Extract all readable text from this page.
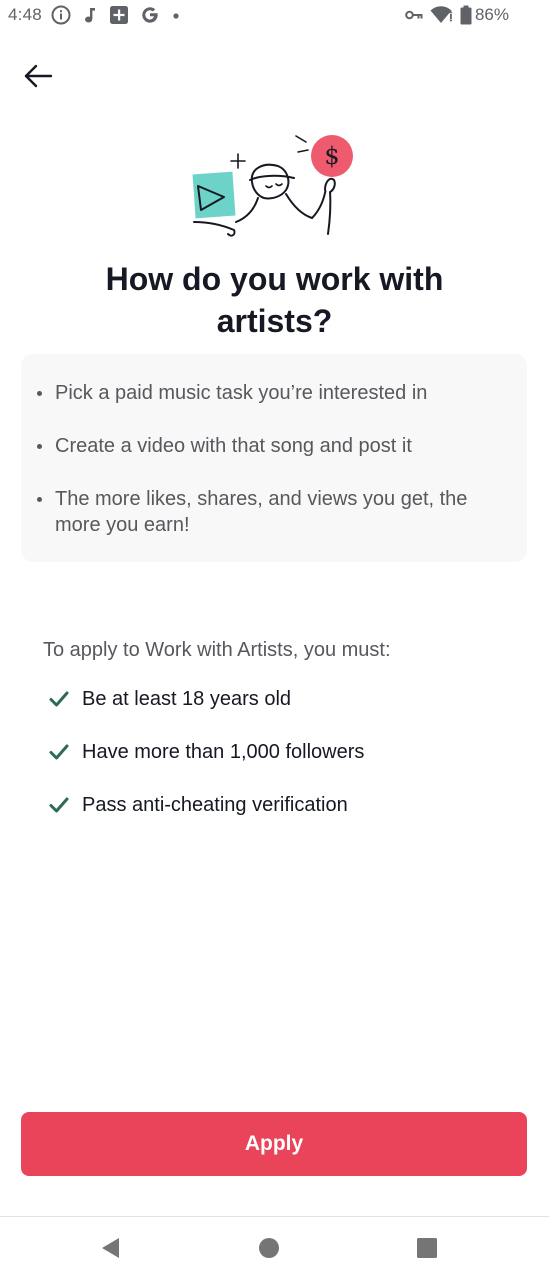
4:48	86%
$
How do you work with
artists?
Pick a paid music task you’re interested in
Create a video with that song and post it
The more likes, shares, and views you get, the more you earn!
To apply to Work with Artists, you must:
Be at least 18 years old
Have more than 1,000 followers
Pass anti-cheating verification
Apply
